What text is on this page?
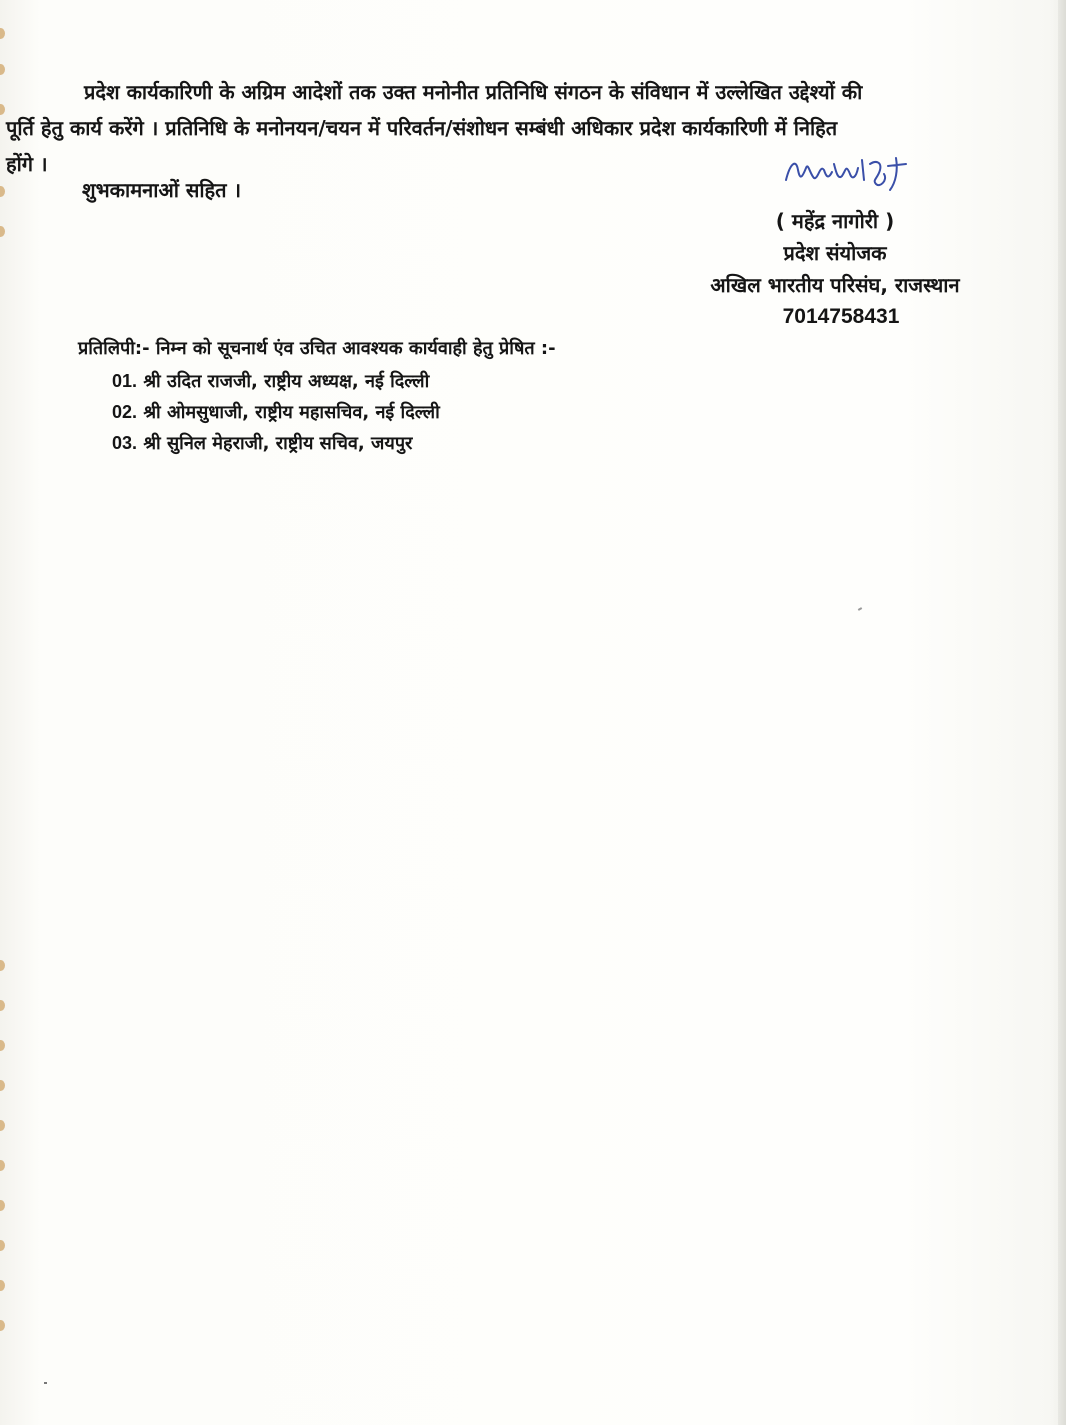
प्रदेश कार्यकारिणी के अग्रिम आदेशों तक उक्त मनोनीत प्रतिनिधि संगठन के संविधान में उल्लेखित उद्देश्यों की
पूर्ति हेतु कार्य करेंगे । प्रतिनिधि के मनोनयन/चयन में परिवर्तन/संशोधन सम्बंधी अधिकार प्रदेश कार्यकारिणी में निहित
होंगे ।
शुभकामनाओं सहित ।
( महेंद्र नागोरी )
प्रदेश संयोजक
अखिल भारतीय परिसंघ, राजस्थान
7014758431
प्रतिलिपी:- निम्न को सूचनार्थ एंव उचित आवश्यक कार्यवाही हेतु प्रेषित :-
01. श्री उदित राजजी, राष्ट्रीय अध्यक्ष, नई दिल्ली
02. श्री ओमसुधाजी, राष्ट्रीय महासचिव, नई दिल्ली
03. श्री सुनिल मेहराजी, राष्ट्रीय सचिव, जयपुर
